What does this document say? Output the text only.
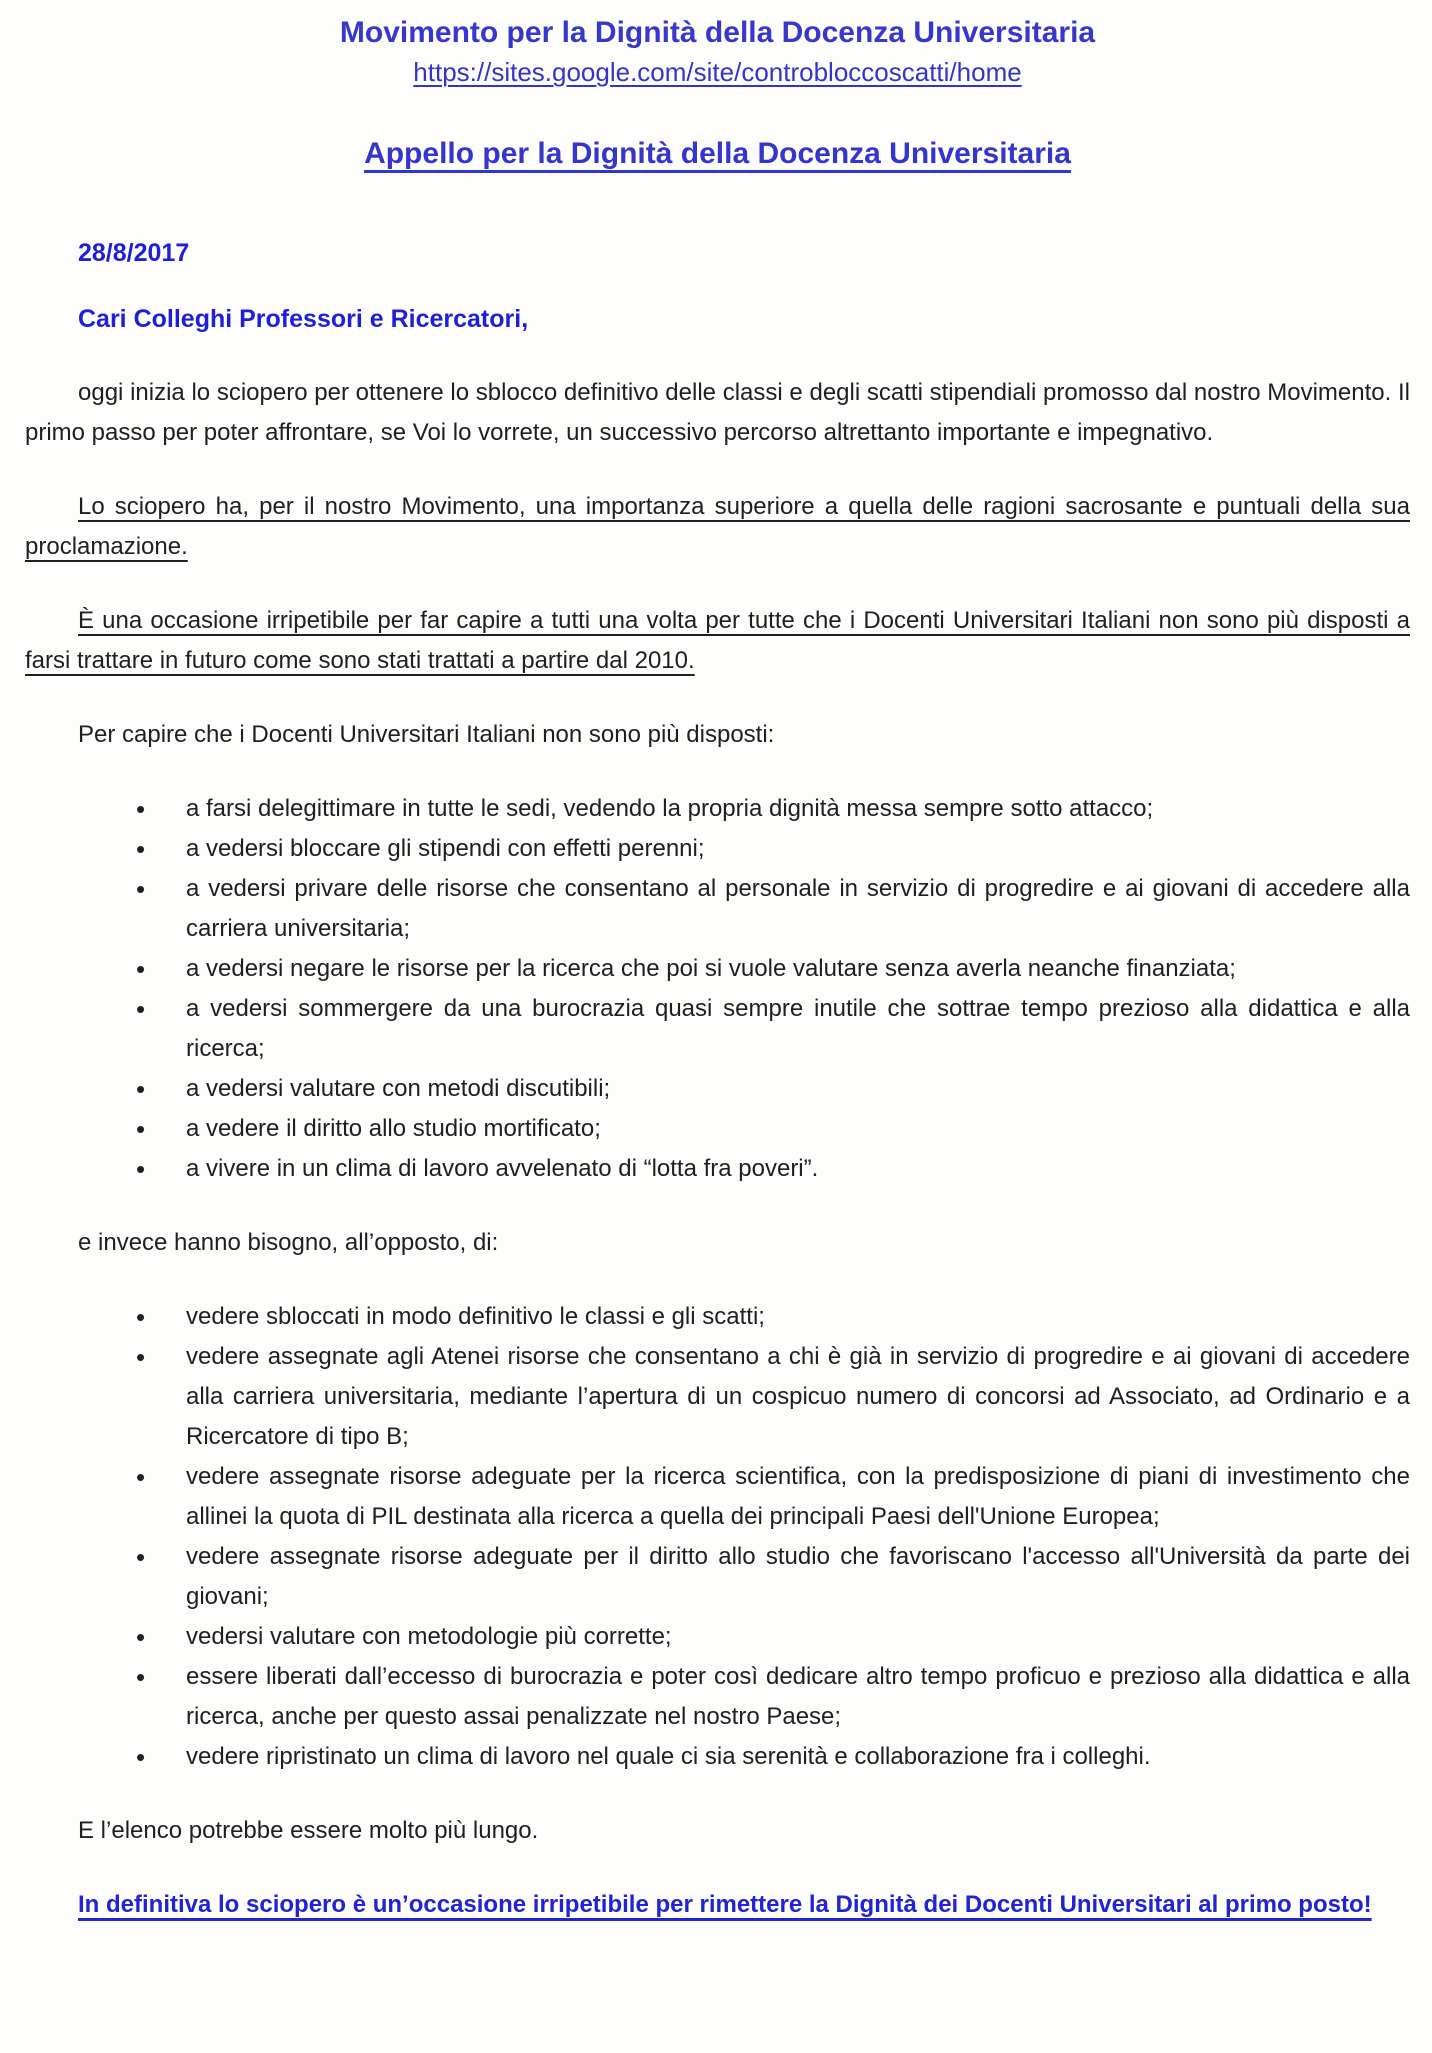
Movimento per la Dignità della Docenza Universitaria
https://sites.google.com/site/controbloccoscatti/home
Appello per la Dignità della Docenza Universitaria

28/8/2017

Cari Colleghi Professori e Ricercatori,

oggi inizia lo sciopero per ottenere lo sblocco definitivo delle classi e degli scatti stipendiali promosso dal nostro Movimento. Il primo passo per poter affrontare, se Voi lo vorrete, un successivo percorso altrettanto importante e impegnativo.

Lo sciopero ha, per il nostro Movimento, una importanza superiore a quella delle ragioni sacrosante e puntuali della sua proclamazione.

È una occasione irripetibile per far capire a tutti una volta per tutte che i Docenti Universitari Italiani non sono più disposti a farsi trattare in futuro come sono stati trattati a partire dal 2010.

Per capire che i Docenti Universitari Italiani non sono più disposti:

• a farsi delegittimare in tutte le sedi, vedendo la propria dignità messa sempre sotto attacco;
• a vedersi bloccare gli stipendi con effetti perenni;
• a vedersi privare delle risorse che consentano al personale in servizio di progredire e ai giovani di accedere alla carriera universitaria;
• a vedersi negare le risorse per la ricerca che poi si vuole valutare senza averla neanche finanziata;
• a vedersi sommergere da una burocrazia quasi sempre inutile che sottrae tempo prezioso alla didattica e alla ricerca;
• a vedersi valutare con metodi discutibili;
• a vedere il diritto allo studio mortificato;
• a vivere in un clima di lavoro avvelenato di “lotta fra poveri”.

e invece hanno bisogno, all’opposto, di:

• vedere sbloccati in modo definitivo le classi e gli scatti;
• vedere assegnate agli Atenei risorse che consentano a chi è già in servizio di progredire e ai giovani di accedere alla carriera universitaria, mediante l’apertura di un cospicuo numero di concorsi ad Associato, ad Ordinario e a Ricercatore di tipo B;
• vedere assegnate risorse adeguate per la ricerca scientifica, con la predisposizione di piani di investimento che allinei la quota di PIL destinata alla ricerca a quella dei principali Paesi dell'Unione Europea;
• vedere assegnate risorse adeguate per il diritto allo studio che favoriscano l'accesso all'Università da parte dei giovani;
• vedersi valutare con metodologie più corrette;
• essere liberati dall’eccesso di burocrazia e poter così dedicare altro tempo proficuo e prezioso alla didattica e alla ricerca, anche per questo assai penalizzate nel nostro Paese;
• vedere ripristinato un clima di lavoro nel quale ci sia serenità e collaborazione fra i colleghi.

E l’elenco potrebbe essere molto più lungo.

In definitiva lo sciopero è un’occasione irripetibile per rimettere la Dignità dei Docenti Universitari al primo posto!
